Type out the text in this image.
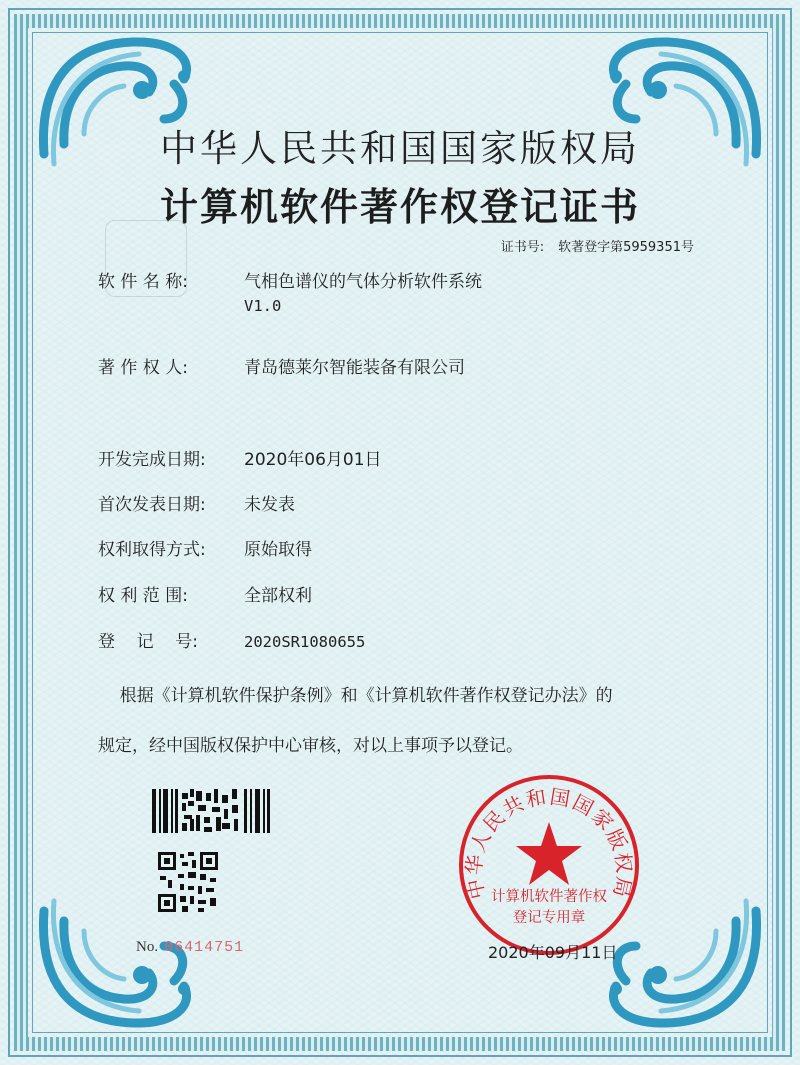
中华人民共和国国家版权局
计算机软件著作权登记证书
证书号: 软著登字第5959351号
软 件 名 称:	气相色谱仪的气体分析软件系统
V1.0
著 作 权 人:	青岛德莱尔智能装备有限公司
开发完成日期:	2020年06月01日
首次发表日期:	未发表
权利取得方式:	原始取得
权 利 范 围:	全部权利
登    记    号:	2020SR1080655
根据《计算机软件保护条例》和《计算机软件著作权登记办法》的
规定，经中国版权保护中心审核，对以上事项予以登记。
No. 06414751
中华人民共和国国家版权局
计算机软件著作权
登记专用章
2020年09月11日
